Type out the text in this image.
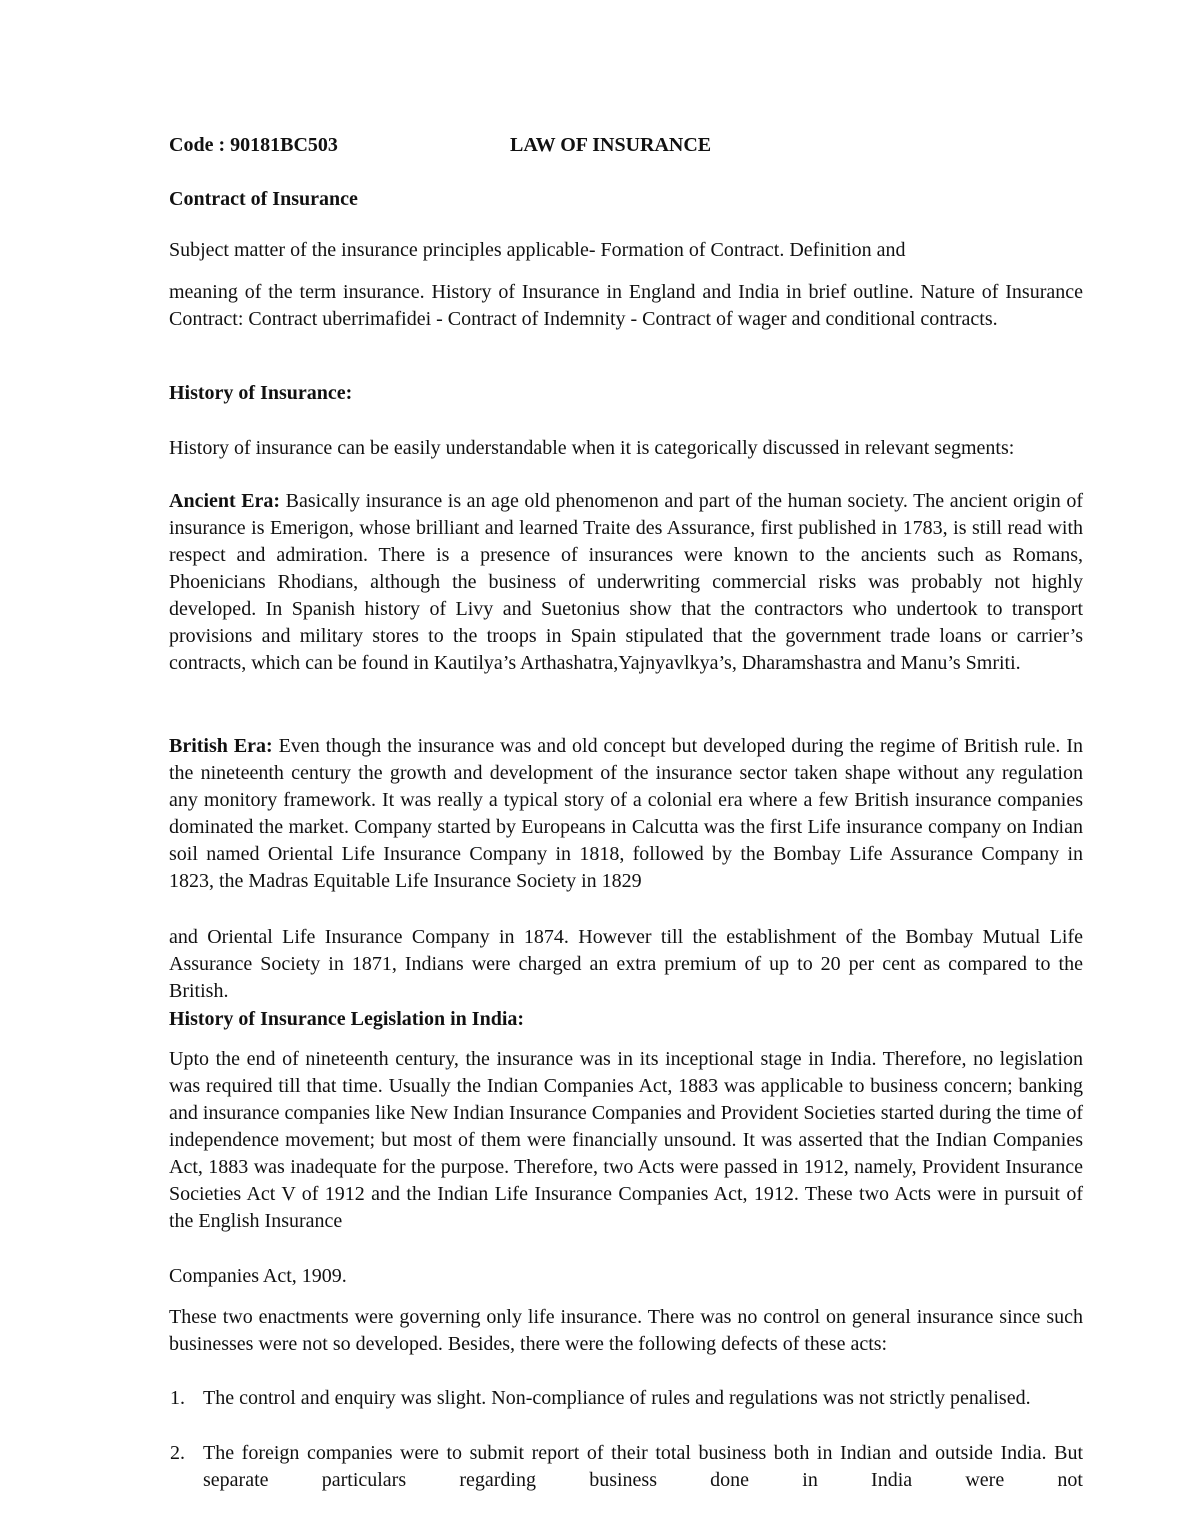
Code : 90181BC503	LAW OF INSURANCE
Contract of Insurance
Subject matter of the insurance principles applicable- Formation of Contract. Definition and
meaning of the term insurance. History of Insurance in England and India in brief outline. Nature of Insurance Contract: Contract uberrimafidei - Contract of Indemnity - Contract of wager and conditional contracts.
History of Insurance:
History of insurance can be easily understandable when it is categorically discussed in relevant segments:
Ancient Era: Basically insurance is an age old phenomenon and part of the human society. The ancient origin of insurance is Emerigon, whose brilliant and learned Traite des Assurance, first published in 1783, is still read with respect and admiration. There is a presence of insurances were known to the ancients such as Romans, Phoenicians Rhodians, although the business of underwriting commercial risks was probably not highly developed. In Spanish history of Livy and Suetonius show that the contractors who undertook to transport provisions and military stores to the troops in Spain stipulated that the government trade loans or carrier’s contracts, which can be found in Kautilya’s Arthashatra,Yajnyavlkya’s, Dharamshastra and Manu’s Smriti.
British Era: Even though the insurance was and old concept but developed during the regime of British rule. In the nineteenth century the growth and development of the insurance sector taken shape without any regulation any monitory framework. It was really a typical story of a colonial era where a few British insurance companies dominated the market. Company started by Europeans in Calcutta was the first Life insurance company on Indian soil named Oriental Life Insurance Company in 1818, followed by the Bombay Life Assurance Company in 1823, the Madras Equitable Life Insurance Society in 1829
and Oriental Life Insurance Company in 1874. However till the establishment of the Bombay Mutual Life Assurance Society in 1871, Indians were charged an extra premium of up to 20 per cent as compared to the British.
History of Insurance Legislation in India:
Upto the end of nineteenth century, the insurance was in its inceptional stage in India. Therefore, no legislation was required till that time. Usually the Indian Companies Act, 1883 was applicable to business concern; banking and insurance companies like New Indian Insurance Companies and Provident Societies started during the time of independence movement; but most of them were financially unsound. It was asserted that the Indian Companies Act, 1883 was inadequate for the purpose. Therefore, two Acts were passed in 1912, namely, Provident Insurance Societies Act V of 1912 and the Indian Life Insurance Companies Act, 1912. These two Acts were in pursuit of the English Insurance
Companies Act, 1909.
These two enactments were governing only life insurance. There was no control on general insurance since such businesses were not so developed. Besides, there were the following defects of these acts:
1. The control and enquiry was slight. Non-compliance of rules and regulations was not strictly penalised.
2. The foreign companies were to submit report of their total business both in Indian and outside India. But separate particulars regarding business done in India were not
